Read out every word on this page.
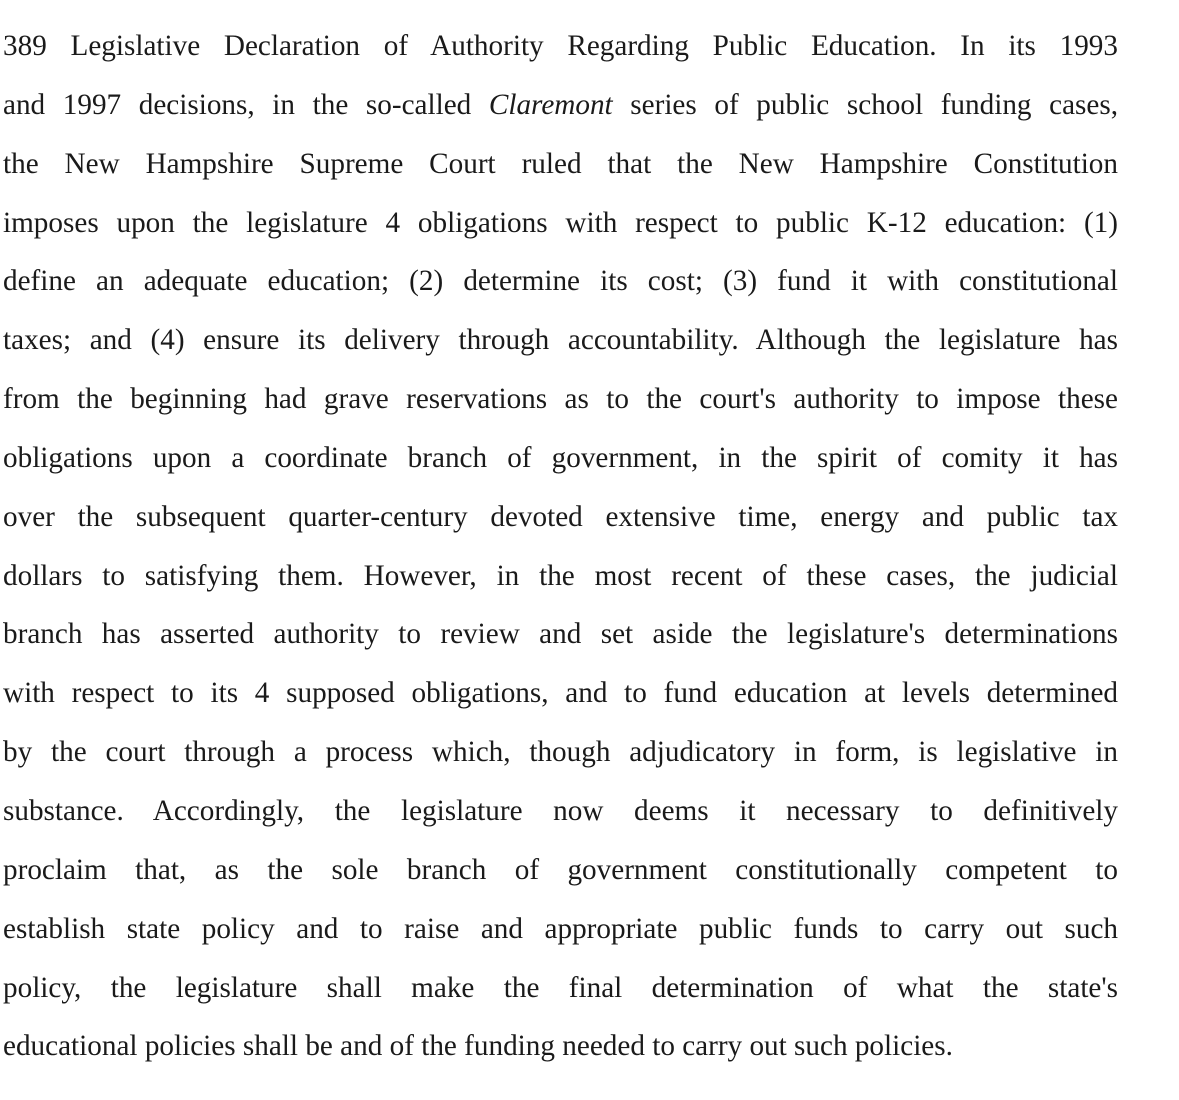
389 Legislative Declaration of Authority Regarding Public Education. In its 1993
and 1997 decisions, in the so-called Claremont series of public school funding cases,
the New Hampshire Supreme Court ruled that the New Hampshire Constitution
imposes upon the legislature 4 obligations with respect to public K-12 education: (1)
define an adequate education; (2) determine its cost; (3) fund it with constitutional
taxes; and (4) ensure its delivery through accountability. Although the legislature has
from the beginning had grave reservations as to the court's authority to impose these
obligations upon a coordinate branch of government, in the spirit of comity it has
over the subsequent quarter-century devoted extensive time, energy and public tax
dollars to satisfying them. However, in the most recent of these cases, the judicial
branch has asserted authority to review and set aside the legislature's determinations
with respect to its 4 supposed obligations, and to fund education at levels determined
by the court through a process which, though adjudicatory in form, is legislative in
substance. Accordingly, the legislature now deems it necessary to definitively
proclaim that, as the sole branch of government constitutionally competent to
establish state policy and to raise and appropriate public funds to carry out such
policy, the legislature shall make the final determination of what the state's
educational policies shall be and of the funding needed to carry out such policies.
